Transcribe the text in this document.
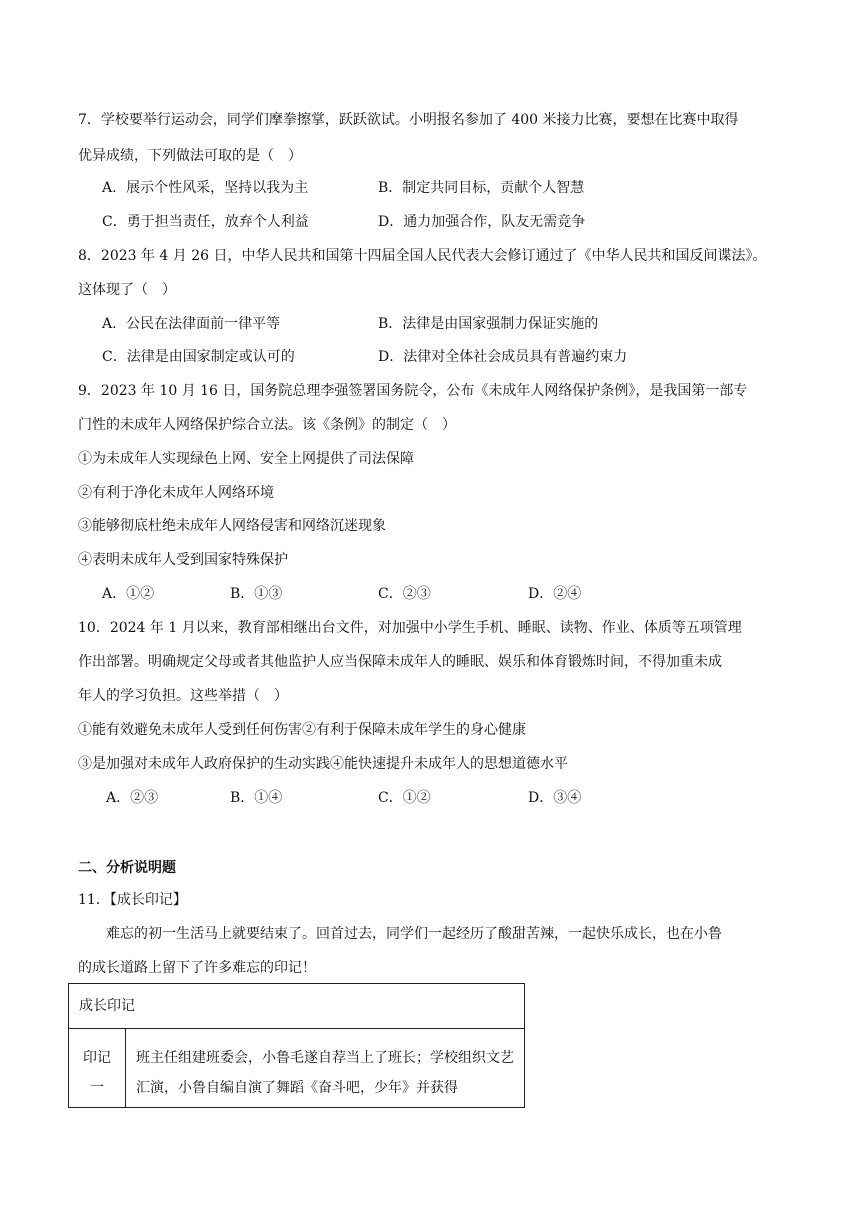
7．学校要举行运动会，同学们摩拳擦掌，跃跃欲试。小明报名参加了 400 米接力比赛，要想在比赛中取得
优异成绩，下列做法可取的是（　）
A．展示个性风采，坚持以我为主	B．制定共同目标，贡献个人智慧
C．勇于担当责任，放弃个人利益	D．通力加强合作，队友无需竞争
8．2023 年 4 月 26 日，中华人民共和国第十四届全国人民代表大会修订通过了《中华人民共和国反间谍法》。
这体现了（　）
A．公民在法律面前一律平等	B．法律是由国家强制力保证实施的
C．法律是由国家制定或认可的	D．法律对全体社会成员具有普遍约束力
9．2023 年 10 月 16 日，国务院总理李强签署国务院令，公布《未成年人网络保护条例》，是我国第一部专
门性的未成年人网络保护综合立法。该《条例》的制定（　）
①为未成年人实现绿色上网、安全上网提供了司法保障
②有利于净化未成年人网络环境
③能够彻底杜绝未成年人网络侵害和网络沉迷现象
④表明未成年人受到国家特殊保护
A．①②	B．①③	C．②③	D．②④
10．2024 年 1 月以来，教育部相继出台文件，对加强中小学生手机、睡眠、读物、作业、体质等五项管理
作出部署。明确规定父母或者其他监护人应当保障未成年人的睡眠、娱乐和体育锻炼时间，不得加重未成
年人的学习负担。这些举措（　）
①能有效避免未成年人受到任何伤害②有利于保障未成年学生的身心健康
③是加强对未成年人政府保护的生动实践④能快速提升未成年人的思想道德水平
A．②③	B．①④	C．①②	D．③④
二、分析说明题
11．【成长印记】
难忘的初一生活马上就要结束了。回首过去，同学们一起经历了酸甜苦辣，一起快乐成长，也在小鲁
的成长道路上留下了许多难忘的印记！
成长印记
印记一	班主任组建班委会，小鲁毛遂自荐当上了班长；学校组织文艺汇演，小鲁自编自演了舞蹈《奋斗吧，少年》并获得
